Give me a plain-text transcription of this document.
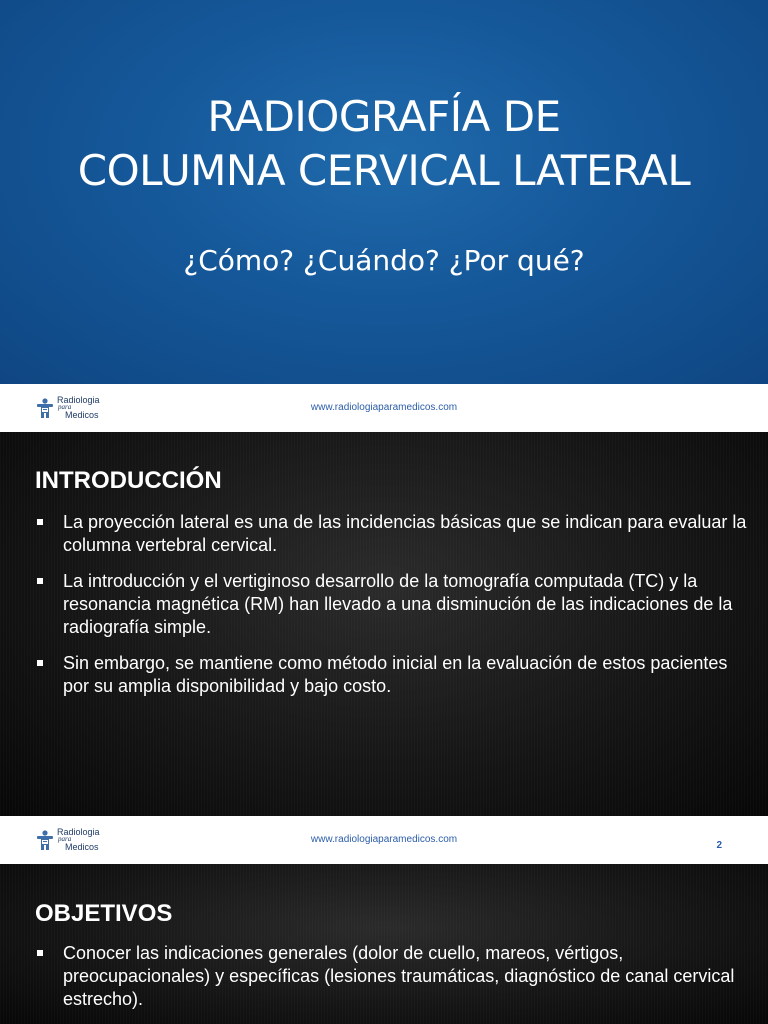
RADIOGRAFÍA DE
COLUMNA CERVICAL LATERAL
¿Cómo? ¿Cuándo? ¿Por qué?
Radiologia
para
Medicos
www.radiologiaparamedicos.com
INTRODUCCIÓN
La proyección lateral es una de las incidencias básicas que se indican para evaluar la columna vertebral cervical.
La introducción y el vertiginoso desarrollo de la tomografía computada (TC) y la resonancia magnética (RM) han llevado a una disminución de las indicaciones de la radiografía simple.
Sin embargo, se mantiene como método inicial en la evaluación de estos pacientes por su amplia disponibilidad y bajo costo.
Radiologia
para
Medicos
www.radiologiaparamedicos.com
2
OBJETIVOS
Conocer las indicaciones generales (dolor de cuello, mareos, vértigos, preocupacionales) y específicas (lesiones traumáticas, diagnóstico de canal cervical estrecho).
